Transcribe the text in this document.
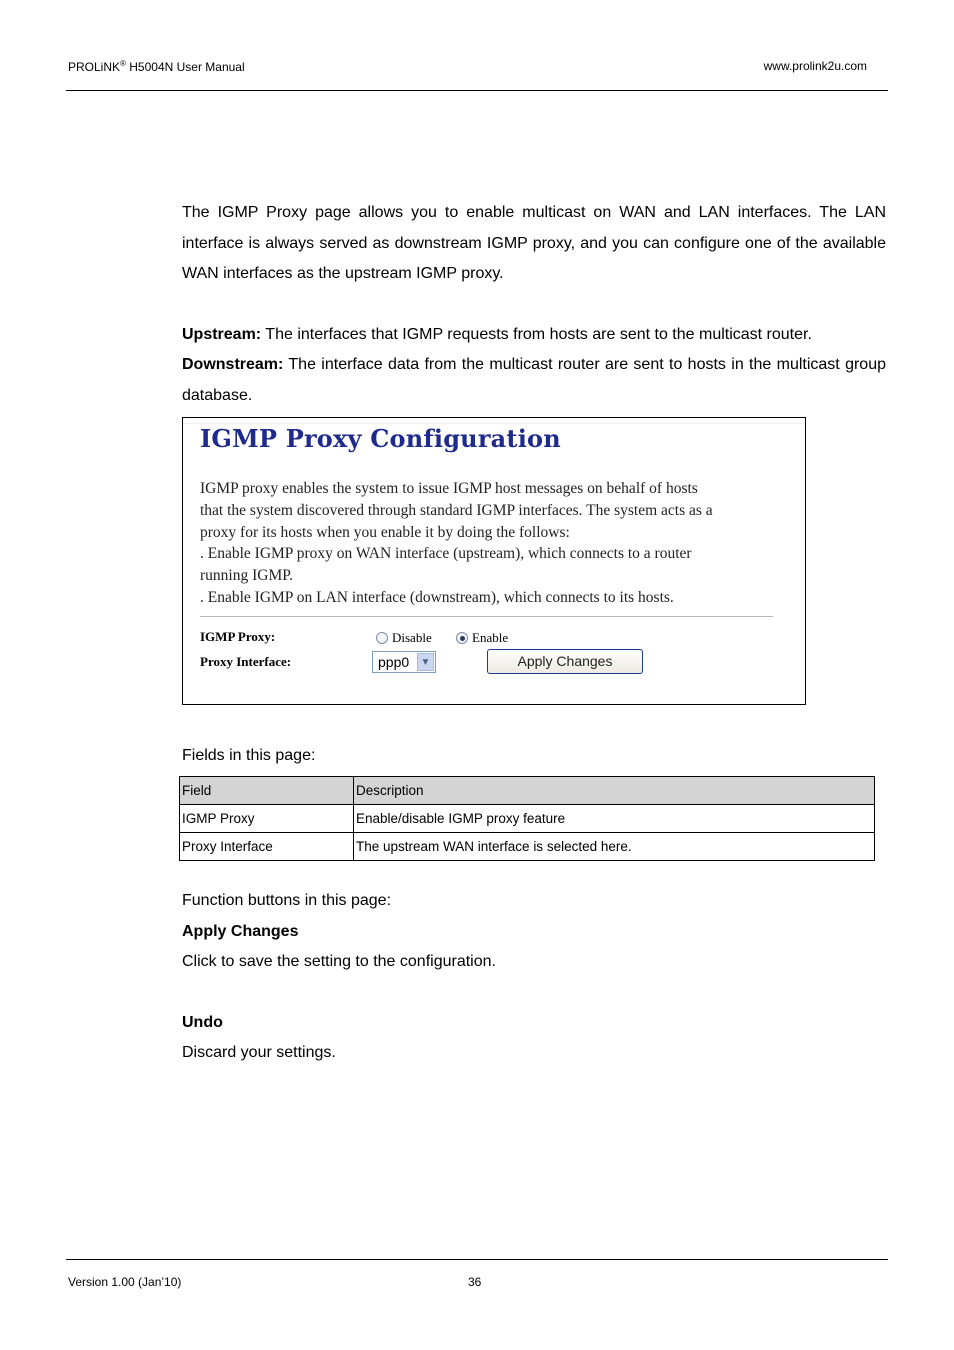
PROLiNK® H5004N User Manual	www.prolink2u.com
The IGMP Proxy page allows you to enable multicast on WAN and LAN interfaces. The LAN interface is always served as downstream IGMP proxy, and you can configure one of the available WAN interfaces as the upstream IGMP proxy.
Upstream: The interfaces that IGMP requests from hosts are sent to the multicast router.
Downstream: The interface data from the multicast router are sent to hosts in the multicast group database.
IGMP Proxy Configuration
IGMP proxy enables the system to issue IGMP host messages on behalf of hosts
that the system discovered through standard IGMP interfaces. The system acts as a
proxy for its hosts when you enable it by doing the follows:
. Enable IGMP proxy on WAN interface (upstream), which connects to a router
running IGMP.
. Enable IGMP on LAN interface (downstream), which connects to its hosts.
IGMP Proxy:	Disable	Enable
Proxy Interface:	ppp0	▼	Apply Changes
Fields in this page:
Field	Description
IGMP Proxy	Enable/disable IGMP proxy feature
Proxy Interface	The upstream WAN interface is selected here.
Function buttons in this page:
Apply Changes
Click to save the setting to the configuration.
Undo
Discard your settings.
Version 1.00 (Jan’10)	36
